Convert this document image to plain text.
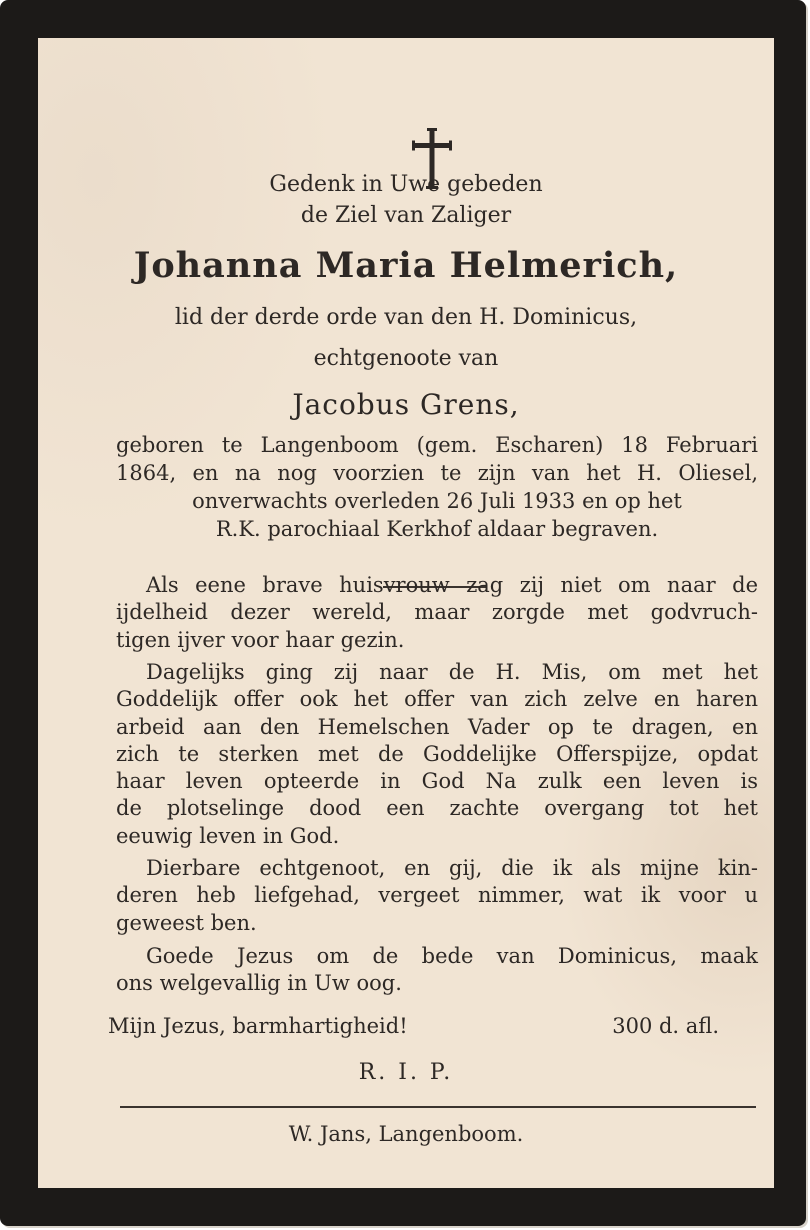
Gedenk in Uwe gebeden
de Ziel van Zaliger
Johanna Maria Helmerich,
lid der derde orde van den H. Dominicus,
echtgenoote van
Jacobus Grens,
geboren te Langenboom (gem. Escharen) 18 Februari
1864, en na nog voorzien te zijn van het H. Oliesel,
onverwachts overleden 26 Juli 1933 en op het
R.K. parochiaal Kerkhof aldaar begraven.
Als eene brave huisvrouw zag zij niet om naar de
ijdelheid dezer wereld, maar zorgde met godvruch-
tigen ijver voor haar gezin.
Dagelijks ging zij naar de H. Mis, om met het
Goddelijk offer ook het offer van zich zelve en haren
arbeid aan den Hemelschen Vader op te dragen, en
zich te sterken met de Goddelijke Offerspijze, opdat
haar leven opteerde in God Na zulk een leven is
de plotselinge dood een zachte overgang tot het
eeuwig leven in God.
Dierbare echtgenoot, en gij, die ik als mijne kin-
deren heb liefgehad, vergeet nimmer, wat ik voor u
geweest ben.
Goede Jezus om de bede van Dominicus, maak
ons welgevallig in Uw oog.
Mijn Jezus, barmhartigheid!	300 d. afl.
R. I. P.
W. Jans, Langenboom.
